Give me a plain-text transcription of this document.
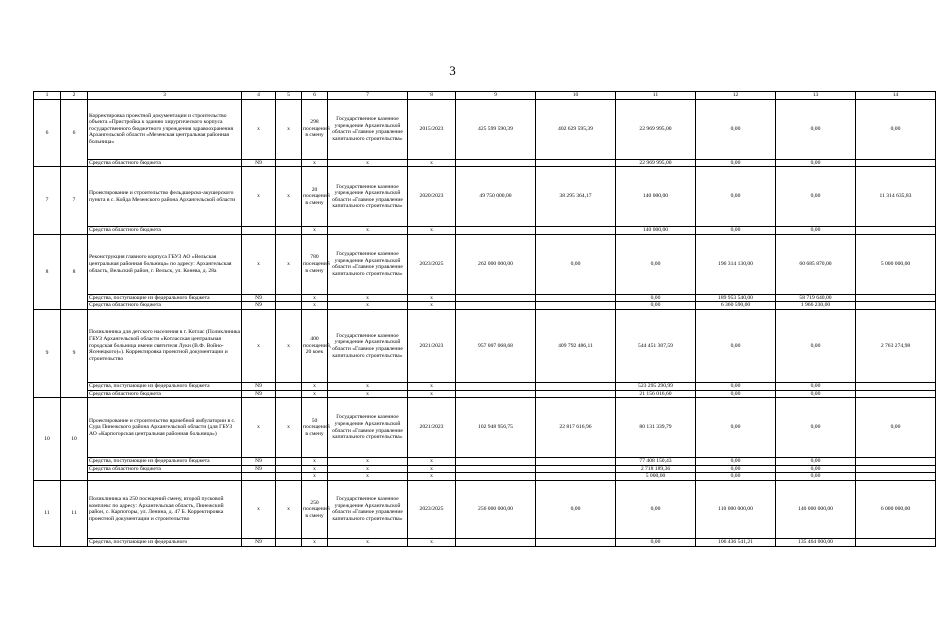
3
1	2	3	4	5	6	7	8	9	10	11	12	13	14
6	6	Корректировка проектной документации и строительство объекта «Пристройка к зданию хирургического корпуса государственного бюджетного учреждения здравоохранения Архангельской области «Мезенская центральная районная больница»	х	х	298 посещений в смену	Государственное казенное учреждение Архангельской области «Главное управление капитального строительства»	2015/2023	425 599 590,39	402 629 595,39	22 969 995,00	0,00	0,00	0,00
		Средства областного бюджета	N9		х	х	х			22 969 995,00	0,00	0,00	
7	7	Проектирование и строительство фельдшерско-акушерского пункта в с. Койда Мезенского района Архангельской области	х	х	20 посещений в смену	Государственное казенное учреждение Архангельской области «Главное управление капитального строительства»	2020/2023	49 750 000,00	38 295 364,17	140 000,00	0,00	0,00	11 314 635,83
		Средства областного бюджета			х	х	х			140 000,00	0,00	0,00	
8	8	Реконструкция главного корпуса ГБУЗ АО «Вельская центральная районная больница» по адресу: Архангельская область, Вельский район, г. Вельск, ул. Конева, д. 28а	х	х	780 посещений в смену	Государственное казенное учреждение Архангельской области «Главное управление капитального строительства»	2023/2025	262 000 000,00	0,00	0,00	196 314 130,00	60 685 870,00	5 000 000,00
		Средства, поступающие из федерального бюджета	N9		х	х	х			0,00	189 953 540,00	58 719 640,00	
		Средства областного бюджета	N9		х	х	х			0,00	6 360 590,00	1 966 230,00	
9	9	Поликлиника для детского населения в г. Котлас (Поликлиника ГБУЗ Архангельской области «Котласская центральная городская больница имени святителя Луки (В.Ф. Войно-Ясенецкого)»). Корректировка проектной документации и строительство	х	х	400 посещений, 20 коек	Государственное казенное учреждение Архангельской области «Главное управление капитального строительства»	2021/2023	957 007 068,68	409 792 486,11	544 451 307,59	0,00	0,00	2 763 274,98
		Средства, поступающие из федерального бюджета	N9		х	х	х			523 295 290,99	0,00	0,00	
		Средства областного бюджета	N9		х	х	х			21 156 016,60	0,00	0,00	
10	10	Проектирование и строительство врачебной амбулатории в с. Сура Пинежского района Архангельской области (для ГБУЗ АО «Карпогорская центральная районная больница»)	х	х	50 посещений в смену	Государственное казенное учреждение Архангельской области «Главное управление капитального строительства»	2021/2023	102 948 956,75	22 817 616,96	80 131 339,79	0,00	0,00	0,00
		Средства, поступающие из федерального бюджета	N9		х	х	х			77 408 150,43	0,00	0,00	
		Средства областного бюджета	N9		х	х	х			2 718 189,36	0,00	0,00	
					х	х	х			5 000,00	0,00	0,00	
11	11	Поликлиника на 250 посещений смену, второй пусковой комплекс по адресу: Архангельская область, Пинежский район, с. Карпогоры, ул. Ленина, д. 47 Б. Корректировка проектной документации и строительство	х	х	250 посещений в смену	Государственное казенное учреждение Архангельской области «Главное управление капитального строительства»	2023/2025	256 000 000,00	0,00	0,00	110 000 000,00	140 000 000,00	6 000 000,00
		Средства, поступающие из федерального	N9		х	х	х			0,00	106 436 541,21	135 464 000,00	
